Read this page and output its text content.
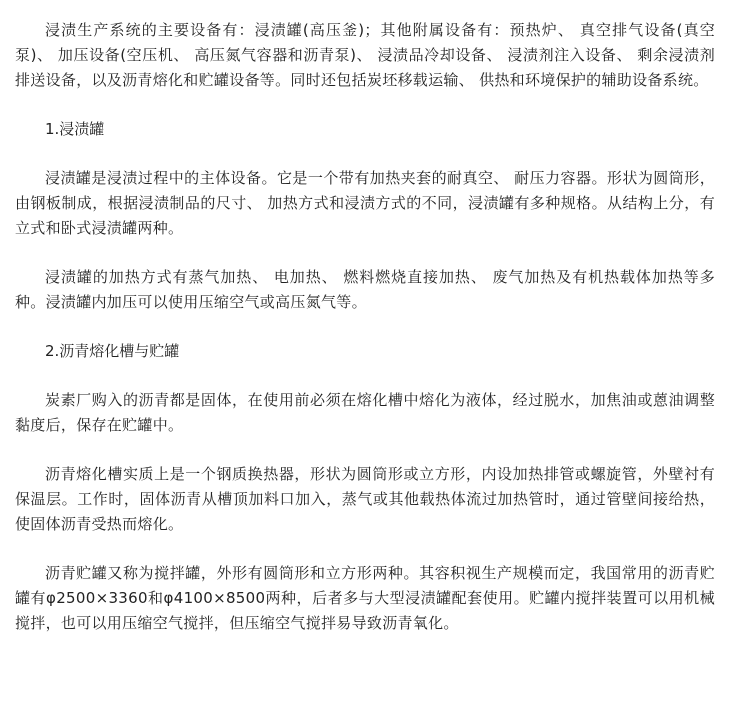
浸渍生产系统的主要设备有：浸渍罐(高压釜)；其他附属设备有：预热炉、 真空排气设备(真空泵)、 加压设备(空压机、 高压氮气容器和沥青泵)、 浸渍品冷却设备、 浸渍剂注入设备、 剩余浸渍剂排送设备，以及沥青熔化和贮罐设备等。同时还包括炭坯移载运输、 供热和环境保护的辅助设备系统。

1.浸渍罐

浸渍罐是浸渍过程中的主体设备。它是一个带有加热夹套的耐真空、 耐压力容器。形状为圆筒形，由钢板制成，根据浸渍制品的尺寸、 加热方式和浸渍方式的不同，浸渍罐有多种规格。从结构上分，有立式和卧式浸渍罐两种。

浸渍罐的加热方式有蒸气加热、 电加热、 燃料燃烧直接加热、 废气加热及有机热载体加热等多种。浸渍罐内加压可以使用压缩空气或高压氮气等。

2.沥青熔化槽与贮罐

炭素厂购入的沥青都是固体，在使用前必须在熔化槽中熔化为液体，经过脱水，加焦油或蒽油调整黏度后，保存在贮罐中。

沥青熔化槽实质上是一个钢质换热器，形状为圆筒形或立方形，内设加热排管或螺旋管，外壁衬有保温层。工作时，固体沥青从槽顶加料口加入，蒸气或其他载热体流过加热管时，通过管壁间接给热，使固体沥青受热而熔化。

沥青贮罐又称为搅拌罐，外形有圆筒形和立方形两种。其容积视生产规模而定，我国常用的沥青贮罐有φ2500×3360和φ4100×8500两种，后者多与大型浸渍罐配套使用。贮罐内搅拌装置可以用机械搅拌，也可以用压缩空气搅拌，但压缩空气搅拌易导致沥青氧化。
